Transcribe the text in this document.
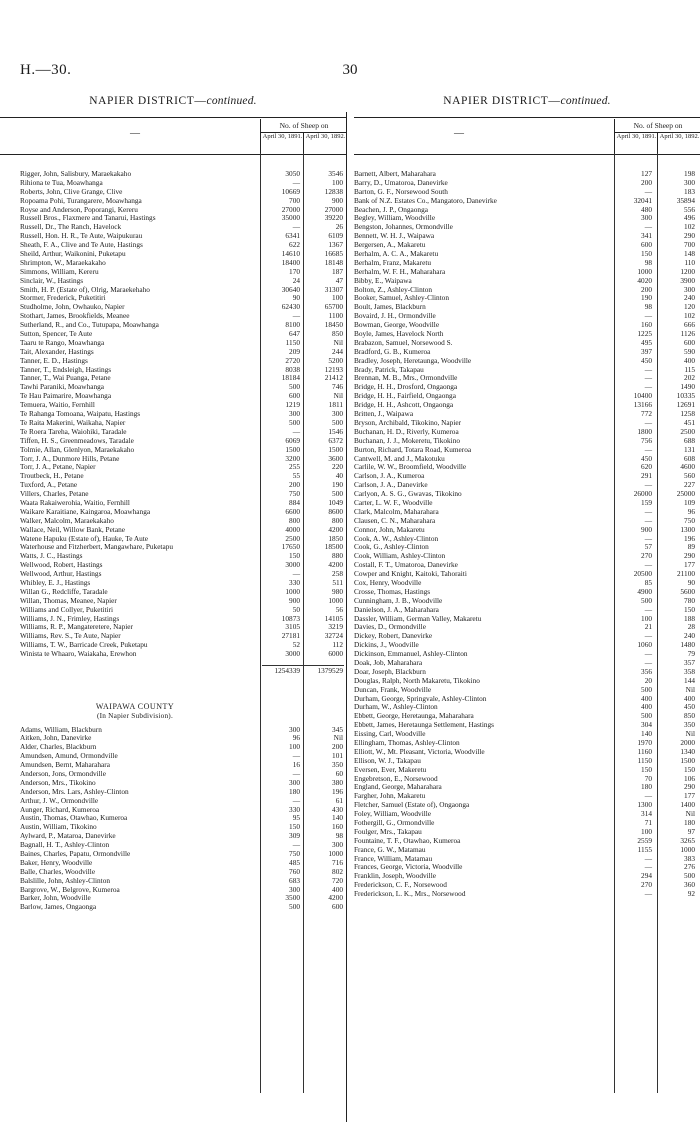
H.—30.	30
NAPIER DISTRICT—continued.	NAPIER DISTRICT—continued.
—
No. of Sheep on
April 30, 1891. April 30, 1892.	—
No. of Sheep on
April 30, 1891. April 30, 1892.
Rigger, John, Salisbury, Maraekakaho	3050	3546
Rihiona te Tua, Moawhanga	—	100
Roberts, John, Clive Grange, Clive	10669	12838
Ropoama Pohi, Turangarere, Moawhanga	700	900
Royse and Anderson, Poporangi, Kereru	27000	27000
Russell Bros., Flaxmere and Tanarui, Hastings	35000	39220
Russell, Dr., The Ranch, Havelock	—	26
Russell, Hon. H. R., Te Aute, Waipukurau	6341	6109
Sheath, F. A., Clive and Te Aute, Hastings	622	1367
Sheild, Arthur, Waikonini, Puketapu	14610	16685
Shrimpton, W., Maraekakaho	18400	18148
Simmons, William, Kereru	170	187
Sinclair, W., Hastings	24	47
Smith, H. P. (Estate of), Olrig, Maraekehaho	30640	31307
Stormer, Frederick, Puketitiri	90	100
Studholme, John, Owhauko, Napier	62430	65700
Stothart, James, Brookfields, Meanee	—	1100
Sutherland, R., and Co., Tutupapa, Moawhanga	8100	18450
Sutton, Spencer, Te Aute	647	850
Taaru te Rango, Moawhanga	1150	Nil
Tait, Alexander, Hastings	209	244
Tanner, E. D., Hastings	2720	5200
Tanner, T., Endsleigh, Hastings	8038	12193
Tanner, T., Wai Puanga, Petane	18184	21412
Tawhi Paraniki, Moawhanga	500	746
Te Hau Paimarire, Moawhanga	600	Nil
Temuera, Waitio, Fernhill	1219	1811
Te Rahanga Tomoana, Waipatu, Hastings	300	300
Te Raita Makerini, Waikaha, Napier	500	500
Te Roera Tareha, Waiohiki, Taradale	—	1546
Tiffen, H. S., Greenmeadows, Taradale	6069	6372
Tolmie, Allan, Glenlyon, Maraekakaho	1500	1500
Torr, J. A., Dunmore Hills, Petane	3200	3600
Torr, J. A., Petane, Napier	255	220
Troutbeck, H., Petane	55	40
Tuxford, A., Petane	200	190
Villers, Charles, Petane	750	500
Waata Rakaiwerohia, Waitio, Fernhill	884	1049
Waikare Karaitiane, Kaingaroa, Moawhanga	6600	8600
Walker, Malcolm, Maraekakaho	800	800
Wallace, Neil, Willow Bank, Petane	4000	4200
Watene Hapuku (Estate of), Hauke, Te Aute	2500	1850
Waterhouse and Fitzherbert, Mangawhare, Puketapu	17650	18500
Watts, J. C., Hastings	150	880
Wellwood, Robert, Hastings	3000	4200
Wellwood, Arthur, Hastings	—	258
Whibley, E. J., Hastings	330	511
Willan G., Redcliffe, Taradale	1000	980
Willan, Thomas, Meanee, Napier	900	1000
Williams and Collyer, Puketitiri	50	56
Williams, J. N., Frimley, Hastings	10873	14105
Williams, R. P., Mangateretere, Napier	3105	3219
Williams, Rev. S., Te Aute, Napier	27181	32724
Williams, T. W., Barricade Creek, Puketapu	52	112
Winista te Whaaro, Waiakaha, Erewhon	3000	6000
1254339	1379529
WAIPAWA COUNTY
(In Napier Subdivision).
Adams, William, Blackburn	300	345
Aitken, John, Danevirke	96	Nil
Alder, Charles, Blackburn	100	200
Amundsen, Amund, Ormondville	—	101
Amundsen, Bernt, Maharahara	16	350
Anderson, Jons, Ormondville	—	60
Anderson, Mrs., Tikokino	300	380
Anderson, Mrs. Lars, Ashley-Clinton	180	196
Arthur, J. W., Ormondville	—	61
Aunger, Richard, Kumeroa	330	430
Austin, Thomas, Otawhao, Kumeroa	95	140
Austin, William, Tikokino	150	160
Aylward, P., Mataroa, Danevirke	309	98
Bagnall, H. T., Ashley-Clinton	—	300
Baines, Charles, Papatu, Ormondville	750	1000
Baker, Henry, Woodville	485	716
Balle, Charles, Woodville	760	802
Balslille, John, Ashley-Clinton	683	720
Bargrove, W., Belgrove, Kumeroa	300	400
Barker, John, Woodville	3500	4200
Barlow, James, Ongaonga	500	600
Barnett, Albert, Maharahara	127	198
Barry, D., Umatoroa, Danevirke	200	300
Barton, G. F., Norsewood South	—	183
Bank of N.Z. Estates Co., Mangatoro, Danevirke	32041	35894
Beachen, J. P., Ongaonga	480	556
Begley, William, Woodville	300	496
Bengston, Johannes, Ormondville	—	102
Bennett, W. H. J., Waipawa	341	290
Bergersen, A., Makaretu	600	700
Berhalm, A. C. A., Makaretu	150	148
Berhalm, Franz, Makaretu	98	110
Berhalm, W. F. H., Maharahara	1000	1200
Bibby, E., Waipawa	4020	3900
Bolton, Z., Ashley-Clinton	200	300
Booker, Samuel, Ashley-Clinton	190	240
Boult, James, Blackburn	98	120
Bovaird, J. H., Ormondville	—	102
Bowman, George, Woodville	160	666
Boyle, James, Havelock North	1225	1126
Brabazon, Samuel, Norsewood S.	495	600
Bradford, G. B., Kumeroa	397	590
Bradley, Joseph, Heretaunga, Woodville	450	400
Brady, Patrick, Takapau	—	115
Brennan, M. B., Mrs., Ormondville	—	202
Bridge, H. H., Drosford, Ongaonga	—	1490
Bridge, H. H., Fairfield, Ongaonga	10400	10335
Bridge, H. H., Ashcott, Ongaonga	13166	12691
Britten, J., Waipawa	772	1258
Bryson, Archibald, Tikokino, Napier	—	451
Buchanan, H. D., Riverly, Kumeroa	1800	2500
Buchanan, J. J., Mokeretu, Tikokino	756	688
Burton, Richard, Totara Road, Kumeroa	—	131
Cantwell, M. and J., Makotuku	450	608
Carlile, W. W., Broomfield, Woodville	620	4600
Carlson, J. A., Kumeroa	291	560
Carlson, J. A., Danevirke	—	227
Carlyon, A. S. G., Gwavas, Tikokino	26000	25000
Carter, L. W. F., Woodville	159	109
Clark, Malcolm, Maharahara	—	96
Clausen, C. N., Maharahara	—	750
Connor, John, Makaretu	900	1300
Cook, A. W., Ashley-Clinton	—	196
Cook, G., Ashley-Clinton	57	89
Cook, William, Ashley-Clinton	270	290
Costall, F. T., Umatoroa, Danevirke	—	177
Cowper and Knight, Kaitoki, Tahoraiti	20500	21100
Cox, Henry, Woodville	85	90
Crosse, Thomas, Hastings	4900	5600
Cunningham, J. B., Woodville	500	780
Danielson, J. A., Maharahara	—	150
Dassler, William, German Valley, Makaretu	100	188
Davies, D., Ormondville	21	28
Dickey, Robert, Danevirke	—	240
Dickins, J., Woodville	1060	1480
Dickinson, Emmanuel, Ashley-Clinton	—	79
Doak, Job, Maharahara	—	357
Doar, Joseph, Blackburn	356	358
Douglas, Ralph, North Makaretu, Tikokino	20	144
Duncan, Frank, Woodville	500	Nil
Durham, George, Springvale, Ashley-Clinton	400	400
Durham, W., Ashley-Clinton	400	450
Ebbett, George, Heretaunga, Maharahara	500	850
Ebbett, James, Heretaunga Settlement, Hastings	304	350
Eissing, Carl, Woodville	140	Nil
Ellingham, Thomas, Ashley-Clinton	1970	2000
Elliott, W., Mt. Pleasant, Victoria, Woodville	1160	1340
Ellison, W. J., Takapau	1150	1500
Eversen, Ever, Makeretu	150	150
Engebretson, E., Norsewood	70	106
England, George, Maharahara	180	290
Fargher, John, Makaretu	—	177
Fletcher, Samuel (Estate of), Ongaonga	1300	1400
Foley, William, Woodville	314	Nil
Fothergill, G., Ormondville	71	180
Foulger, Mrs., Takapau	100	97
Fountaine, T. F., Otawhao, Kumeroa	2559	3265
France, G. W., Matamau	1155	1000
France, William, Matamau	—	383
Frances, George, Victoria, Woodville	—	276
Franklin, Joseph, Woodville	294	500
Frederickson, C. F., Norsewood	270	360
Frederickson, L. K., Mrs., Norsewood	—	92
